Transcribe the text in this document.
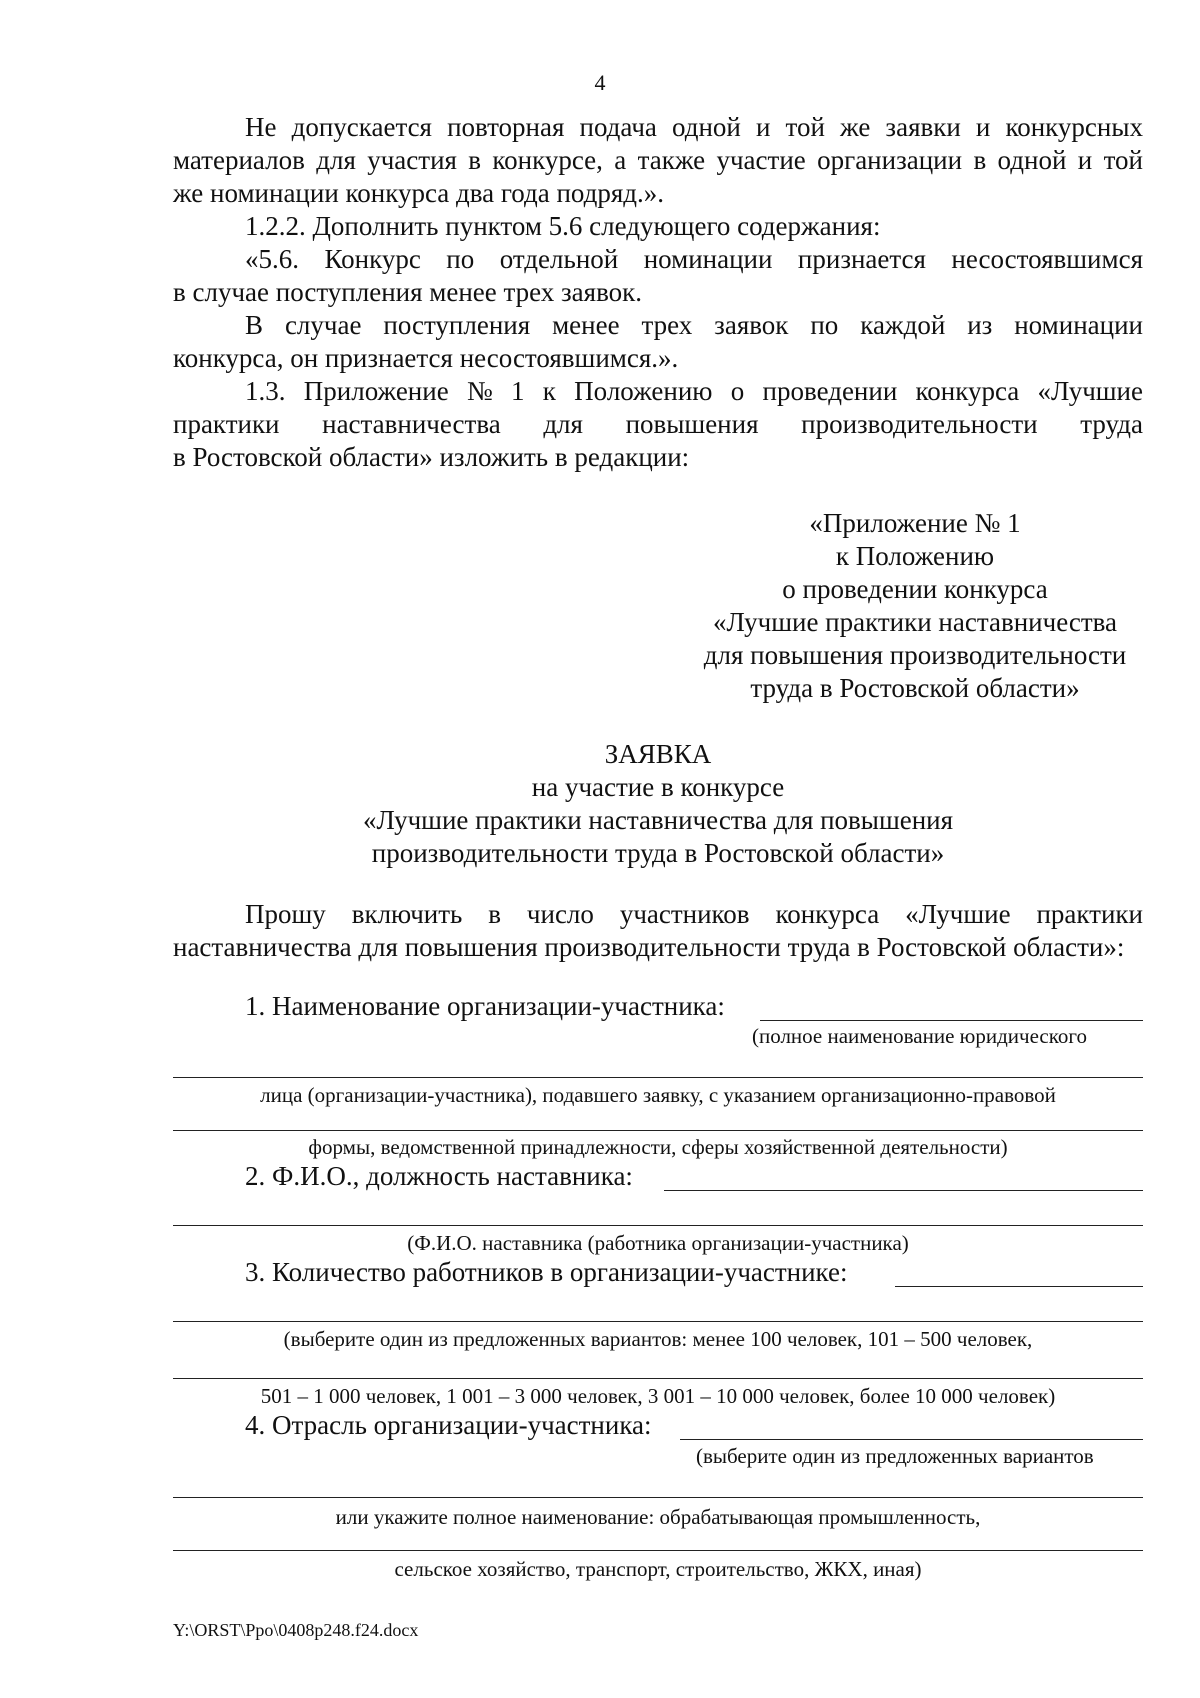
4
Не допускается повторная подача одной и той же заявки и конкурсных
материалов для участия в конкурсе, а также участие организации в одной и той
же номинации конкурса два года подряд.».
1.2.2. Дополнить пунктом 5.6 следующего содержания:
«5.6. Конкурс по отдельной номинации признается несостоявшимся
в случае поступления менее трех заявок.
В случае поступления менее трех заявок по каждой из номинации
конкурса, он признается несостоявшимся.».
1.3. Приложение № 1 к Положению о проведении конкурса «Лучшие
практики наставничества для повышения производительности труда
в Ростовской области» изложить в редакции:
«Приложение № 1
к Положению
о проведении конкурса
«Лучшие практики наставничества
для повышения производительности
труда в Ростовской области»
ЗАЯВКА
на участие в конкурсе
«Лучшие практики наставничества для повышения
производительности труда в Ростовской области»
Прошу включить в число участников конкурса «Лучшие практики
наставничества для повышения производительности труда в Ростовской области»:
1. Наименование организации-участника:
(полное наименование юридического
лица (организации-участника), подавшего заявку, с указанием организационно-правовой
формы, ведомственной принадлежности, сферы хозяйственной деятельности)
2. Ф.И.О., должность наставника:
(Ф.И.О. наставника (работника организации-участника)
3. Количество работников в организации-участнике:
(выберите один из предложенных вариантов: менее 100 человек, 101 – 500 человек,
501 – 1 000 человек, 1 001 – 3 000 человек, 3 001 – 10 000 человек, более 10 000 человек)
4. Отрасль организации-участника:
(выберите один из предложенных вариантов
или укажите полное наименование: обрабатывающая промышленность,
сельское хозяйство, транспорт, строительство, ЖКХ, иная)
Y:\ORST\Ppo\0408p248.f24.docx
